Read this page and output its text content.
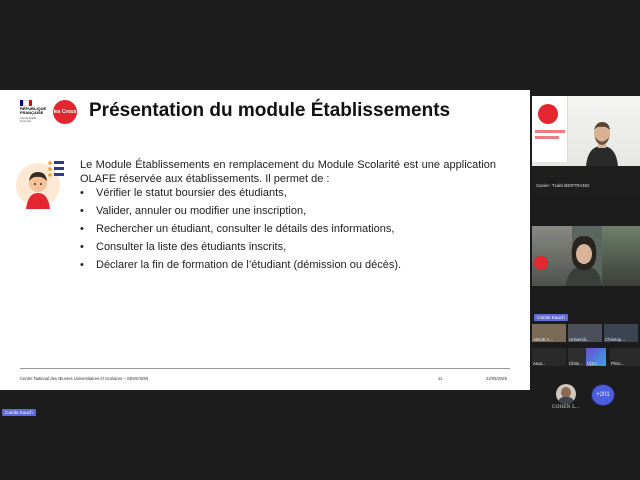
RÉPUBLIQUE
FRANÇAISE
Liberté Égalité Fraternité
les Crous Présentation du module Établissements
Le Module Établissements en remplacement du Module Scolarité est une application OLAFE réservée aux établissements. Il permet de :
•	Vérifier le statut boursier des étudiants,
•	Valider, annuler ou modifier une inscription,
•	Rechercher un étudiant, consulter le détails des informations,
•	Consulter la liste des étudiants inscrits,
•	Déclarer la fin de formation de l’étudiant (démission ou décès).
Centre National des Œuvres Universitaires et Scolaires – SDVE/SDN	11	22/05/2025
Xavier- Txabi BERTRAND
Carole Kauch
AMUE A...	Universit...	Christop...
Anai...	Chris... V(ZA	Prisc...
COHEN L...
+201
Carole Kauch
